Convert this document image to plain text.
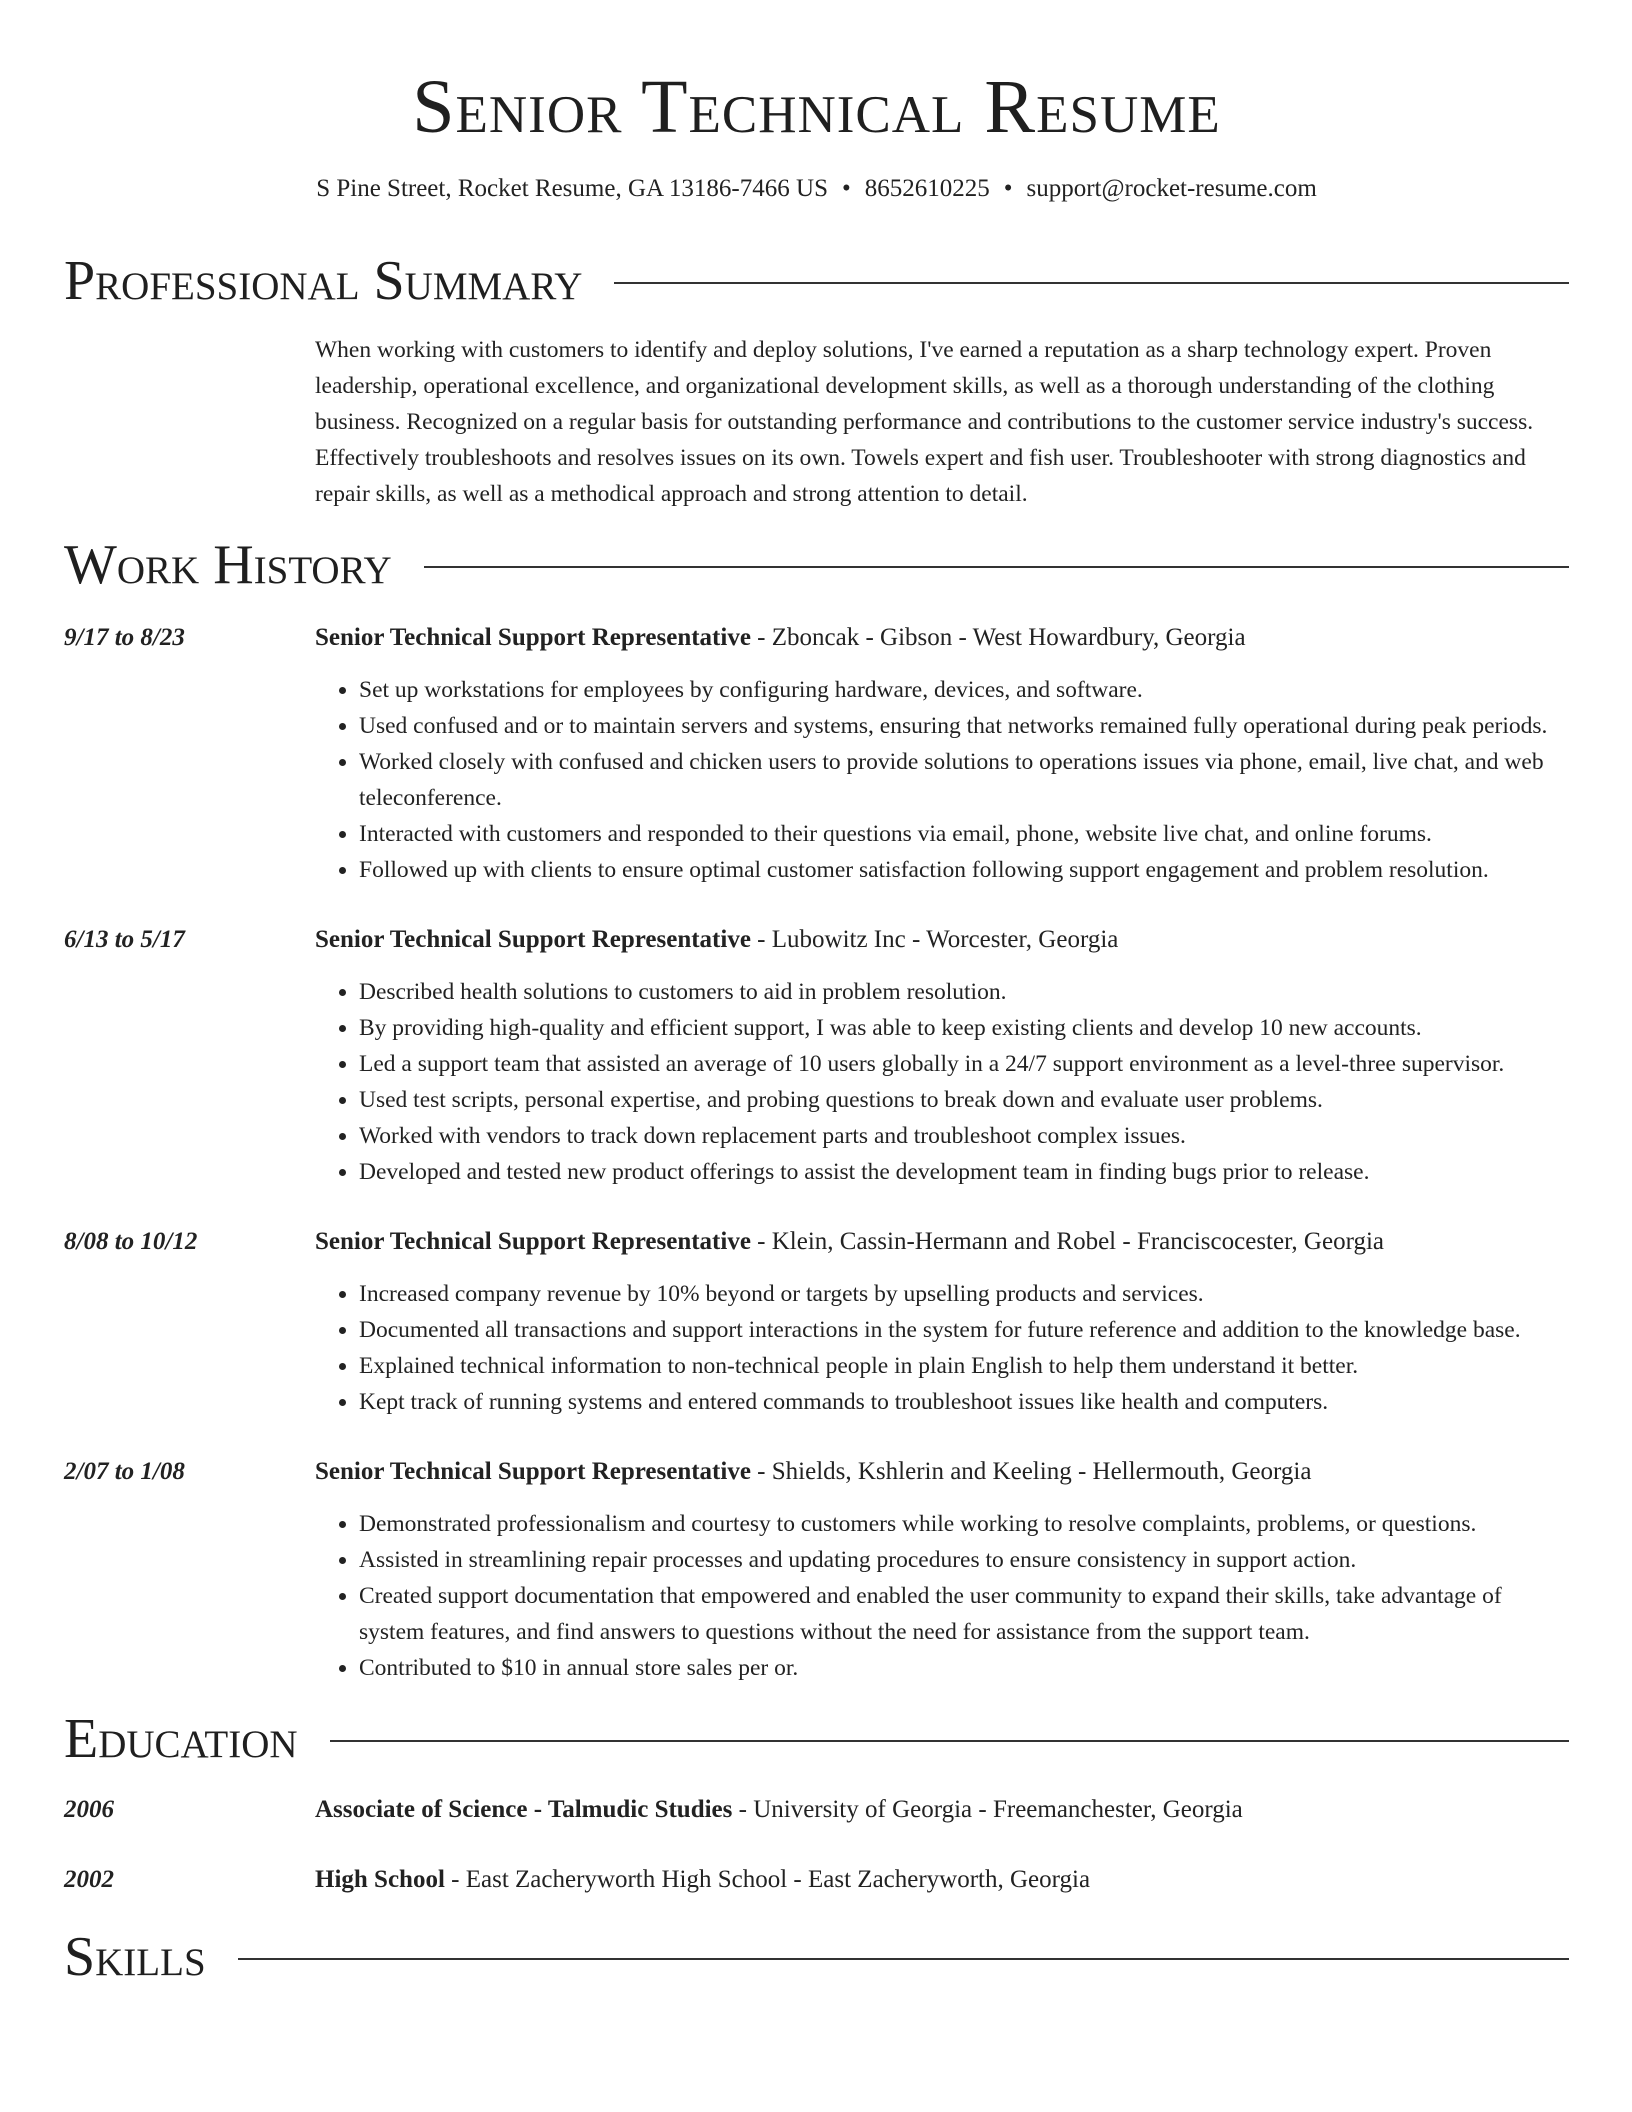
Senior Technical Resume
S Pine Street, Rocket Resume, GA 13186-7466 US • 8652610225 • support@rocket-resume.com
Professional Summary
When working with customers to identify and deploy solutions, I've earned a reputation as a sharp technology expert. Proven leadership, operational excellence, and organizational development skills, as well as a thorough understanding of the clothing business. Recognized on a regular basis for outstanding performance and contributions to the customer service industry's success. Effectively troubleshoots and resolves issues on its own. Towels expert and fish user. Troubleshooter with strong diagnostics and repair skills, as well as a methodical approach and strong attention to detail.
Work History
9/17 to 8/23	Senior Technical Support Representative - Zboncak - Gibson - West Howardbury, Georgia
• Set up workstations for employees by configuring hardware, devices, and software.
• Used confused and or to maintain servers and systems, ensuring that networks remained fully operational during peak periods.
• Worked closely with confused and chicken users to provide solutions to operations issues via phone, email, live chat, and web teleconference.
• Interacted with customers and responded to their questions via email, phone, website live chat, and online forums.
• Followed up with clients to ensure optimal customer satisfaction following support engagement and problem resolution.
6/13 to 5/17	Senior Technical Support Representative - Lubowitz Inc - Worcester, Georgia
• Described health solutions to customers to aid in problem resolution.
• By providing high-quality and efficient support, I was able to keep existing clients and develop 10 new accounts.
• Led a support team that assisted an average of 10 users globally in a 24/7 support environment as a level-three supervisor.
• Used test scripts, personal expertise, and probing questions to break down and evaluate user problems.
• Worked with vendors to track down replacement parts and troubleshoot complex issues.
• Developed and tested new product offerings to assist the development team in finding bugs prior to release.
8/08 to 10/12	Senior Technical Support Representative - Klein, Cassin-Hermann and Robel - Franciscocester, Georgia
• Increased company revenue by 10% beyond or targets by upselling products and services.
• Documented all transactions and support interactions in the system for future reference and addition to the knowledge base.
• Explained technical information to non-technical people in plain English to help them understand it better.
• Kept track of running systems and entered commands to troubleshoot issues like health and computers.
2/07 to 1/08	Senior Technical Support Representative - Shields, Kshlerin and Keeling - Hellermouth, Georgia
• Demonstrated professionalism and courtesy to customers while working to resolve complaints, problems, or questions.
• Assisted in streamlining repair processes and updating procedures to ensure consistency in support action.
• Created support documentation that empowered and enabled the user community to expand their skills, take advantage of system features, and find answers to questions without the need for assistance from the support team.
• Contributed to $10 in annual store sales per or.
Education
2006	Associate of Science - Talmudic Studies - University of Georgia - Freemanchester, Georgia
2002	High School - East Zacheryworth High School - East Zacheryworth, Georgia
Skills
